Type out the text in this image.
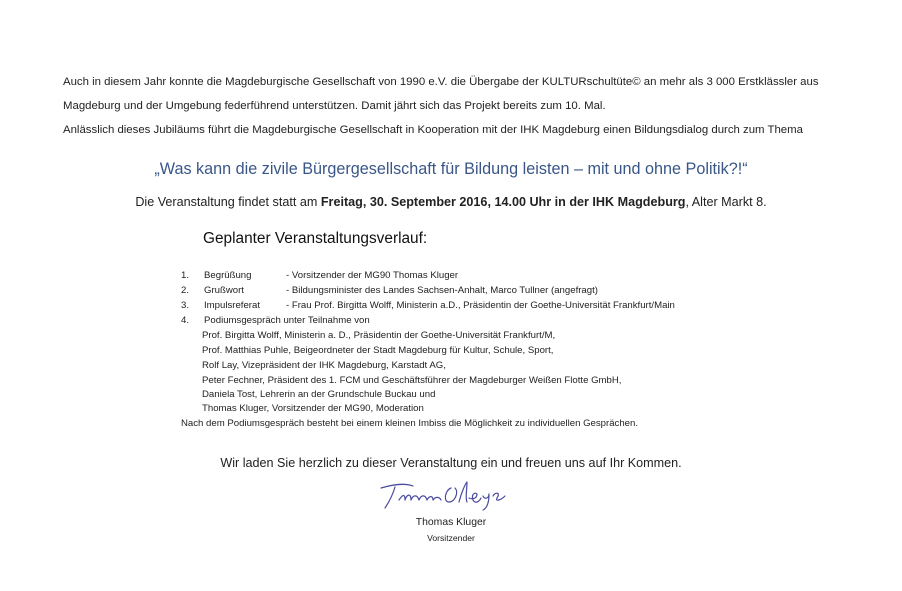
Auch in diesem Jahr konnte die Magdeburgische Gesellschaft von 1990 e.V. die Übergabe der KULTURschultüte© an mehr als 3 000 Erstklässler aus
Magdeburg und der Umgebung federführend unterstützen. Damit jährt sich das Projekt bereits zum 10. Mal.
Anlässlich dieses Jubiläums führt die Magdeburgische Gesellschaft in Kooperation mit der IHK Magdeburg einen Bildungsdialog durch zum Thema
„Was kann die zivile Bürgergesellschaft für Bildung leisten – mit und ohne Politik?!“
Die Veranstaltung findet statt am Freitag, 30. September 2016, 14.00 Uhr in der IHK Magdeburg, Alter Markt 8.
Geplanter Veranstaltungsverlauf:
1. Begrüßung	- Vorsitzender der MG90 Thomas Kluger
2. Grußwort	- Bildungsminister des Landes Sachsen-Anhalt, Marco Tullner (angefragt)
3. Impulsreferat	- Frau Prof. Birgitta Wolff, Ministerin a.D., Präsidentin der Goethe-Universität Frankfurt/Main
4. Podiumsgespräch unter Teilnahme von
Prof. Birgitta Wolff, Ministerin a. D., Präsidentin der Goethe-Universität Frankfurt/M,
Prof. Matthias Puhle, Beigeordneter der Stadt Magdeburg für Kultur, Schule, Sport,
Rolf Lay, Vizepräsident der IHK Magdeburg, Karstadt AG,
Peter Fechner, Präsident des 1. FCM und Geschäftsführer der Magdeburger Weißen Flotte GmbH,
Daniela Tost, Lehrerin an der Grundschule Buckau und
Thomas Kluger, Vorsitzender der MG90, Moderation
Nach dem Podiumsgespräch besteht bei einem kleinen Imbiss die Möglichkeit zu individuellen Gesprächen.
Wir laden Sie herzlich zu dieser Veranstaltung ein und freuen uns auf Ihr Kommen.
Thomas Kluger
Vorsitzender
